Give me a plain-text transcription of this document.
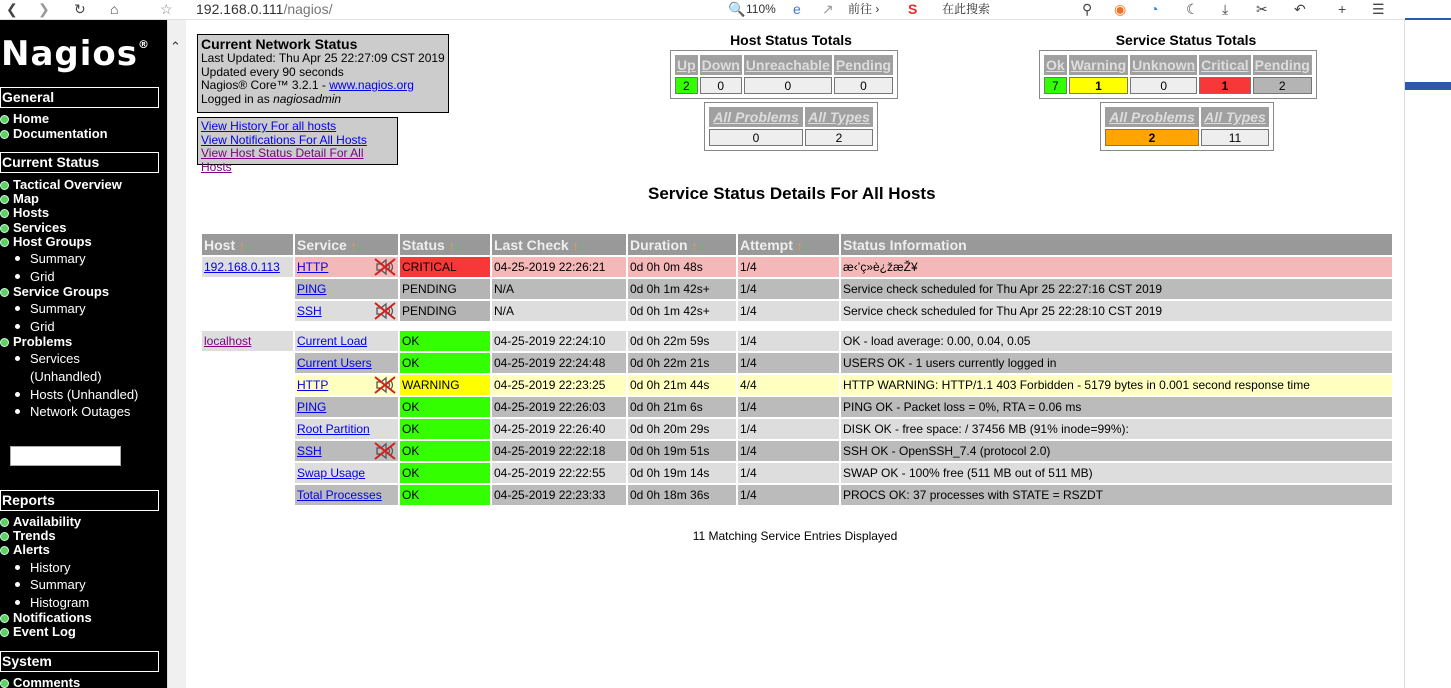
❮ ❯ ↻ ⌂	☆ 192.168.0.111/nagios/	🔍 110% e ↗ 前往 › S 在此搜索	⚲ ◉ ◔ ☾ ⤓ ✂ ↶ + ☰
Nagios®
General
Home
Documentation
Current Status
Tactical Overview
Map
Hosts
Services
Host Groups
Summary
Grid
Service Groups
Summary
Grid
Problems
Services
(Unhandled)
Hosts (Unhandled)
Network Outages
Reports
Availability
Trends
Alerts
History
Summary
Histogram
Notifications
Event Log
System
Comments
⌃ Current Network Status
Last Updated: Thu Apr 25 22:27:09 CST 2019
Updated every 90 seconds
Nagios® Core™ 3.2.1 - www.nagios.org
Logged in as nagiosadmin
View History For all hosts
View Notifications For All Hosts
View Host Status Detail For All Hosts
Host Status Totals
Up	Down	Unreachable	Pending
2	0	0	0
All Problems	All Types
0	2
Service Status Totals
Ok	Warning	Unknown	Critical	Pending
7	1	0	1	2
All Problems	All Types
2	11
Service Status Details For All Hosts
Host ↑↓	Service ↑↓	Status ↑↓	Last Check ↑↓	Duration ↑↓	Attempt ↑↓	Status Information
192.168.0.113	HTTP	CRITICAL	04-25-2019 22:26:21	0d 0h 0m 48s	1/4	æ‹’ç»è¿žæŽ¥

	PING	PENDING	N/A	0d 0h 1m 42s+	1/4	Service check scheduled for Thu Apr 25 22:27:16 CST 2019

	SSH	PENDING	N/A	0d 0h 1m 42s+	1/4	Service check scheduled for Thu Apr 25 22:28:10 CST 2019

localhost	Current Load	OK	04-25-2019 22:24:10	0d 0h 22m 59s	1/4	OK - load average: 0.00, 0.04, 0.05

	Current Users	OK	04-25-2019 22:24:48	0d 0h 22m 21s	1/4	USERS OK - 1 users currently logged in

	HTTP	WARNING	04-25-2019 22:23:25	0d 0h 21m 44s	4/4	HTTP WARNING: HTTP/1.1 403 Forbidden - 5179 bytes in 0.001 second response time

	PING	OK	04-25-2019 22:26:03	0d 0h 21m 6s	1/4	PING OK - Packet loss = 0%, RTA = 0.06 ms

	Root Partition	OK	04-25-2019 22:26:40	0d 0h 20m 29s	1/4	DISK OK - free space: / 37456 MB (91% inode=99%):

	SSH	OK	04-25-2019 22:22:18	0d 0h 19m 51s	1/4	SSH OK - OpenSSH_7.4 (protocol 2.0)

	Swap Usage	OK	04-25-2019 22:22:55	0d 0h 19m 14s	1/4	SWAP OK - 100% free (511 MB out of 511 MB)

	Total Processes	OK	04-25-2019 22:23:33	0d 0h 18m 36s	1/4	PROCS OK: 37 processes with STATE = RSZDT
11 Matching Service Entries Displayed
